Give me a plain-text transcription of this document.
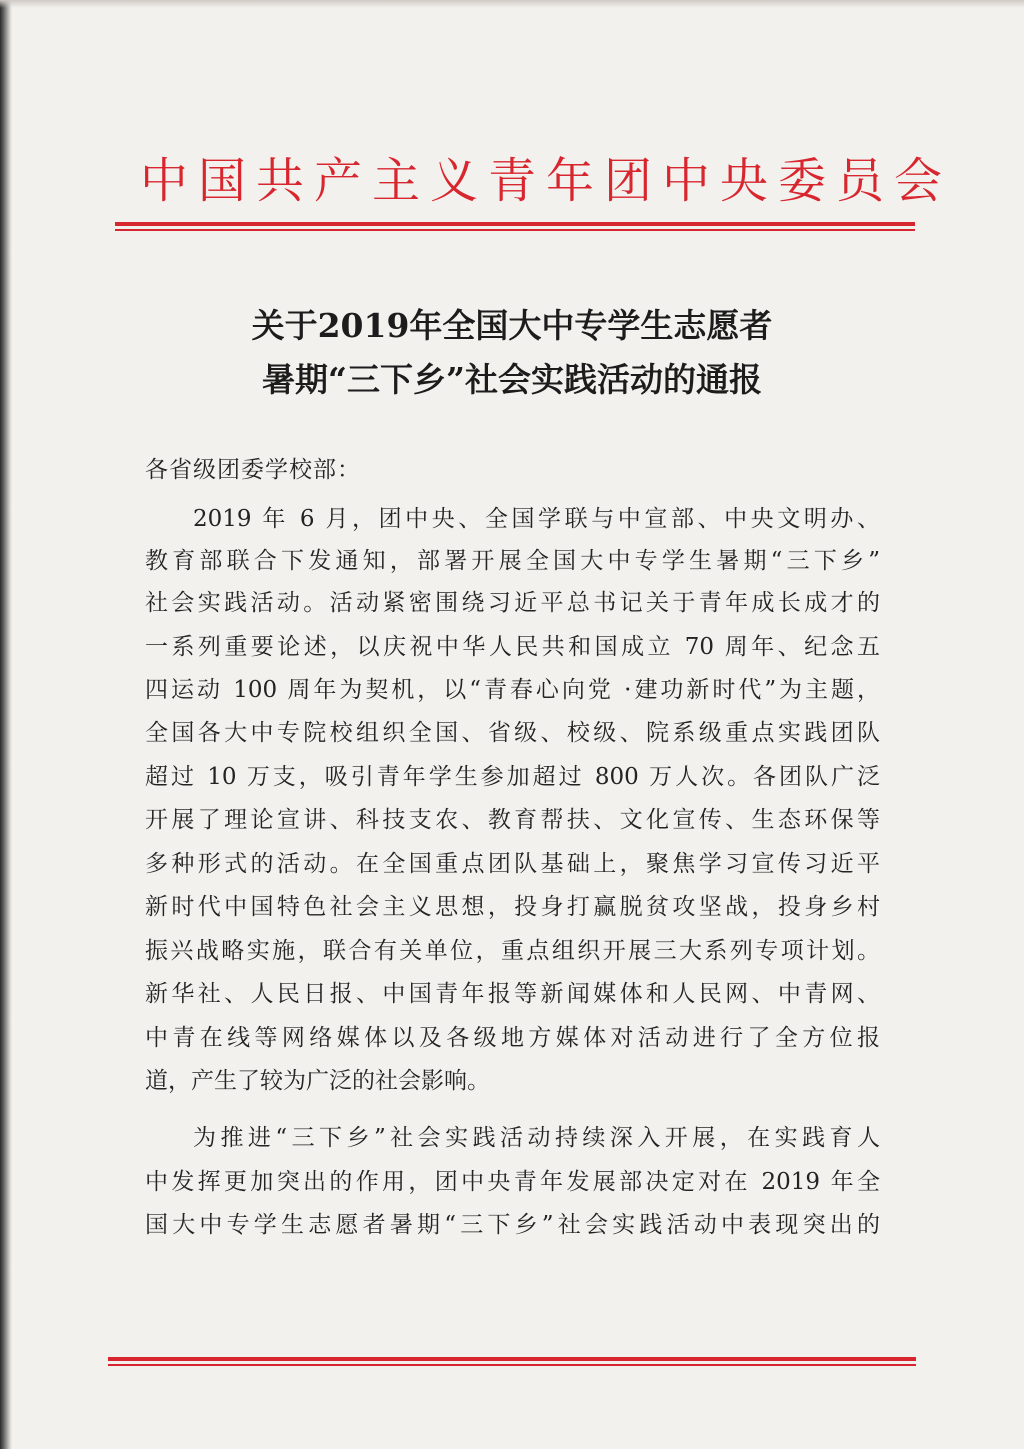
中国共产主义青年团中央委员会
关于2019年全国大中专学生志愿者
暑期“三下乡”社会实践活动的通报

各省级团委学校部：

2019 年 6 月，团中央、全国学联与中宣部、中央文明办、

教育部联合下发通知，部署开展全国大中专学生暑期“三下乡”

社会实践活动。活动紧密围绕习近平总书记关于青年成长成才的

一系列重要论述，以庆祝中华人民共和国成立 70 周年、纪念五

四运动 100 周年为契机，以“青春心向党 ·建功新时代”为主题，

全国各大中专院校组织全国、省级、校级、院系级重点实践团队

超过 10 万支，吸引青年学生参加超过 800 万人次。各团队广泛

开展了理论宣讲、科技支农、教育帮扶、文化宣传、生态环保等

多种形式的活动。在全国重点团队基础上，聚焦学习宣传习近平

新时代中国特色社会主义思想，投身打赢脱贫攻坚战，投身乡村

振兴战略实施，联合有关单位，重点组织开展三大系列专项计划。

新华社、人民日报、中国青年报等新闻媒体和人民网、中青网、

中青在线等网络媒体以及各级地方媒体对活动进行了全方位报

道，产生了较为广泛的社会影响。

为推进“三下乡”社会实践活动持续深入开展，在实践育人

中发挥更加突出的作用，团中央青年发展部决定对在 2019 年全

国大中专学生志愿者暑期“三下乡”社会实践活动中表现突出的
